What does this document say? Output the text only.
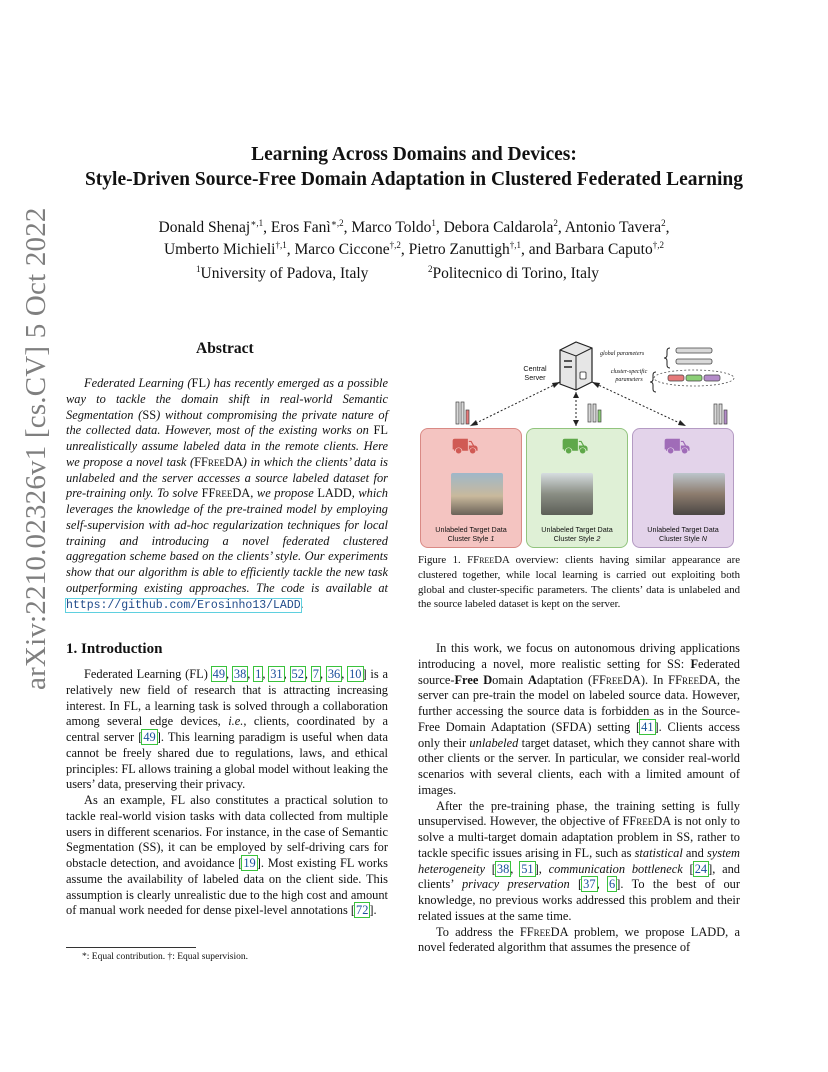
arXiv:2210.02326v1 [cs.CV] 5 Oct 2022
Learning Across Domains and Devices:
Style-Driven Source-Free Domain Adaptation in Clustered Federated Learning
Donald Shenaj$^{∗,1}$, Eros Fanì$^{∗,2}$, Marco Toldo$^1$, Debora Caldarola$^2$, Antonio Tavera$^2$,
Umberto Michieli$^{\dagger,1}$, Marco Ciccone$^{\dagger,2}$, Pietro Zanuttigh$^{\dagger,1}$, and Barbara Caputo$^{\dagger,2}$
$^1$University of Padova, Italy	$^2$Politecnico di Torino, Italy
Abstract

Federated Learning (FL) has recently emerged as a possible way to tackle the domain shift in real-world Semantic Segmentation (SS) without compromising the private nature of the collected data. However, most of the existing works on FL unrealistically assume labeled data in the remote clients. Here we propose a novel task (FFreeDA) in which the clients’ data is unlabeled and the server accesses a source labeled dataset for pre-training only. To solve FFreeDA, we propose LADD, which leverages the knowledge of the pre-trained model by employing self-supervision with ad-hoc regularization techniques for local training and introducing a novel federated clustered aggregation scheme based on the clients’ style. Our experiments show that our algorithm is able to efficiently tackle the new task outperforming existing approaches. The code is available at https://github.com/Erosinho13/LADD.

1. Introduction

Federated Learning (FL) 49, 38, 1, 31, 52, 7, 36, 10] is a relatively new field of research that is attracting increasing interest. In FL, a learning task is solved through a collaboration among several edge devices, i.e., clients, coordinated by a central server [49]. This learning paradigm is useful when data cannot be freely shared due to regulations, laws, and ethical principles: FL allows training a global model without leaking the users’ data, preserving their privacy.

As an example, FL also constitutes a practical solution to tackle real-world vision tasks with data collected from multiple users in different scenarios. For instance, in the case of Semantic Segmentation (SS), it can be employed by self-driving cars for obstacle detection, and avoidance [19]. Most existing FL works assume the availability of labeled data on the client side. This assumption is clearly unrealistic due to the high cost and amount of manual work needed for dense pixel-level annotations [72].

*: Equal contribution. †: Equal supervision.
Central Server
global parameters
cluster-specific parameters
⛟
Unlabeled Target Data
Cluster Style 1
⛟
Unlabeled Target Data
Cluster Style 2
⛟
Unlabeled Target Data
Cluster Style N
Figure 1. FFreeDA overview: clients having similar appearance are clustered together, while local learning is carried out exploiting both global and cluster-specific parameters. The clients’ data is unlabeled and the source labeled dataset is kept on the server.

In this work, we focus on autonomous driving applications introducing a novel, more realistic setting for SS: Federated source-Free Domain Adaptation (FFreeDA). In FFreeDA, the server can pre-train the model on labeled source data. However, further accessing the source data is forbidden as in the Source-Free Domain Adaptation (SFDA) setting [41]. Clients access only their unlabeled target dataset, which they cannot share with other clients or the server. In particular, we consider real-world scenarios with several clients, each with a limited amount of images.

After the pre-training phase, the training setting is fully unsupervised. However, the objective of FFreeDA is not only to solve a multi-target domain adaptation problem in SS, rather to tackle specific issues arising in FL, such as statistical and system heterogeneity [38, 51], communication bottleneck [24], and clients’ privacy preservation [37, 6]. To the best of our knowledge, no previous works addressed this problem and their related issues at the same time.

To address the FFreeDA problem, we propose LADD, a novel federated algorithm that assumes the presence of
